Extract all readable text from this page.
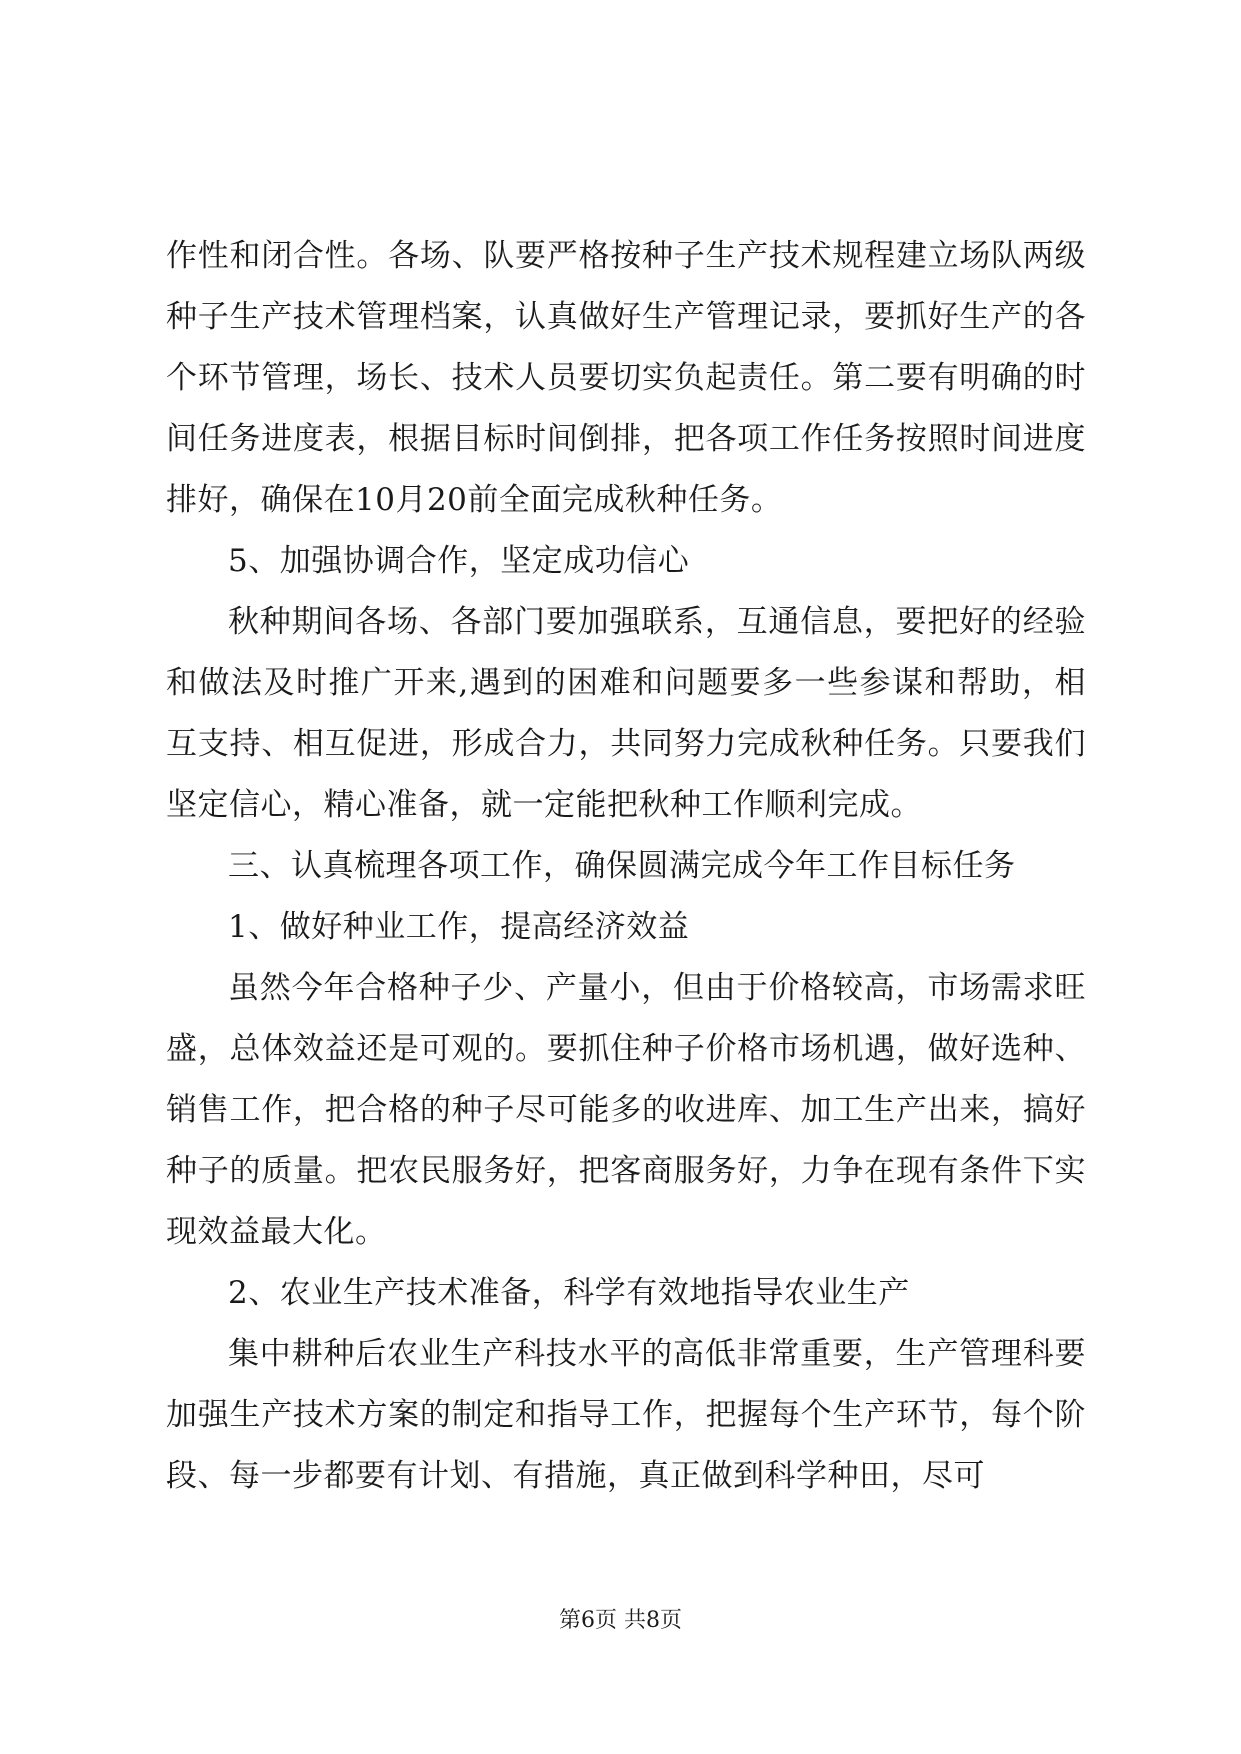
作性和闭合性。各场、队要严格按种子生产技术规程建立场队两级种子生产技术管理档案，认真做好生产管理记录，要抓好生产的各个环节管理，场长、技术人员要切实负起责任。第二要有明确的时间任务进度表，根据目标时间倒排，把各项工作任务按照时间进度排好，确保在10月20前全面完成秋种任务。

5、加强协调合作，坚定成功信心

秋种期间各场、各部门要加强联系，互通信息，要把好的经验和做法及时推广开来,遇到的困难和问题要多一些参谋和帮助，相互支持、相互促进，形成合力，共同努力完成秋种任务。只要我们坚定信心，精心准备，就一定能把秋种工作顺利完成。

三、认真梳理各项工作，确保圆满完成今年工作目标任务

1、做好种业工作，提高经济效益

虽然今年合格种子少、产量小，但由于价格较高，市场需求旺盛，总体效益还是可观的。要抓住种子价格市场机遇，做好选种、销售工作，把合格的种子尽可能多的收进库、加工生产出来，搞好种子的质量。把农民服务好，把客商服务好，力争在现有条件下实现效益最大化。

2、农业生产技术准备，科学有效地指导农业生产

集中耕种后农业生产科技水平的高低非常重要，生产管理科要加强生产技术方案的制定和指导工作，把握每个生产环节，每个阶段、每一步都要有计划、有措施，真正做到科学种田，尽可

第6页 共8页
